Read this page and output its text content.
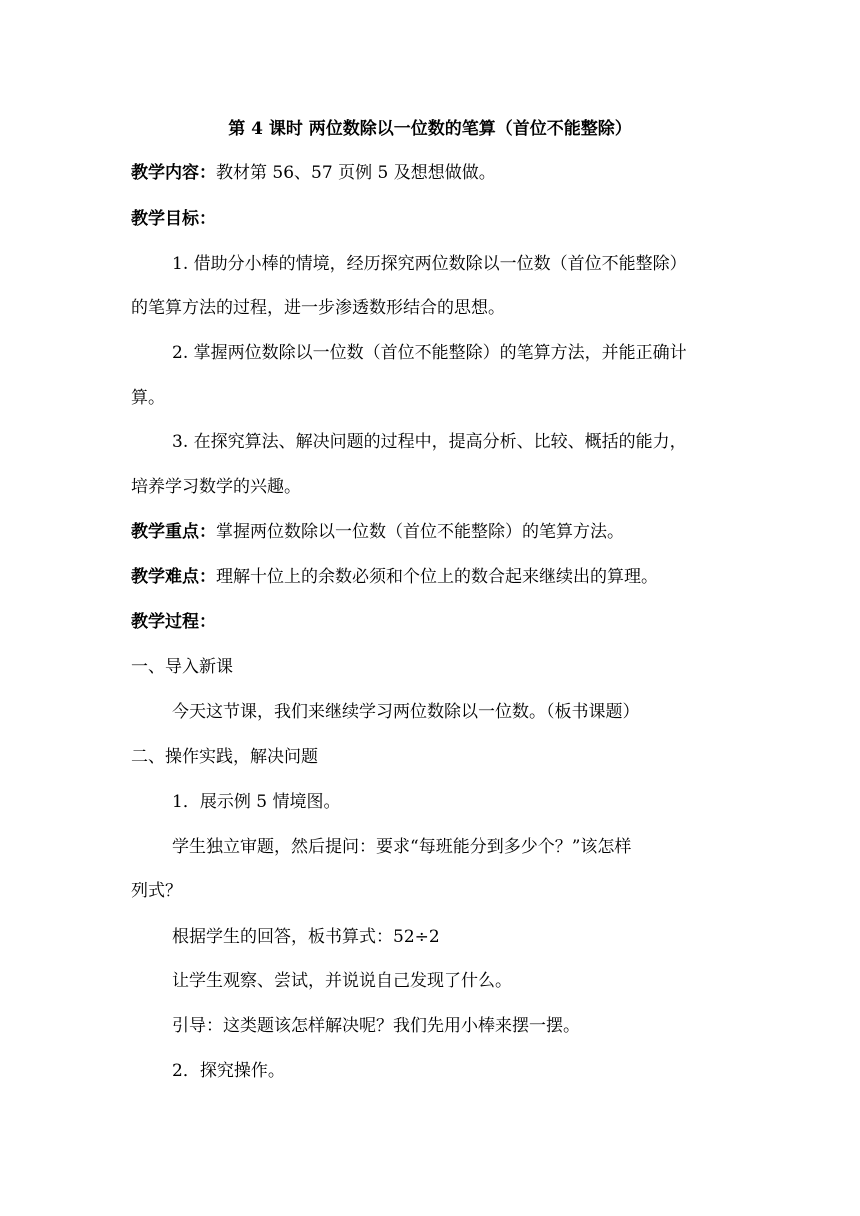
第 4 课时 两位数除以一位数的笔算（首位不能整除）
教学内容：教材第 56、57 页例 5 及想想做做。
教学目标：
1. 借助分小棒的情境，经历探究两位数除以一位数（首位不能整除）
的笔算方法的过程，进一步渗透数形结合的思想。
2. 掌握两位数除以一位数（首位不能整除）的笔算方法，并能正确计
算。
3. 在探究算法、解决问题的过程中，提高分析、比较、概括的能力，
培养学习数学的兴趣。
教学重点：掌握两位数除以一位数（首位不能整除）的笔算方法。
教学难点：理解十位上的余数必须和个位上的数合起来继续出的算理。
教学过程：
一、导入新课
今天这节课，我们来继续学习两位数除以一位数。（板书课题）
二、操作实践，解决问题
1．展示例 5 情境图。
学生独立审题，然后提问：要求“每班能分到多少个？”该怎样
列式？
根据学生的回答，板书算式：52÷2
让学生观察、尝试，并说说自己发现了什么。
引导：这类题该怎样解决呢？我们先用小棒来摆一摆。
2．探究操作。
